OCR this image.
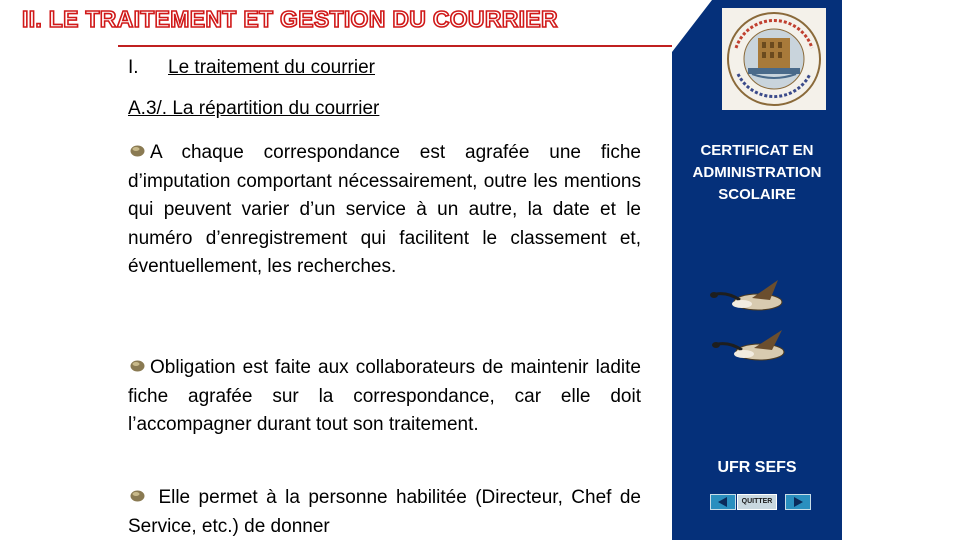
II. LE TRAITEMENT ET GESTION DU COURRIER
I. Le traitement du courrier
A.3/. La répartition du courrier

A chaque correspondance est agrafée une fiche d’imputation comportant nécessairement, outre les mentions qui peuvent varier d’un service à un autre, la date et le numéro d’enregistrement qui facilitent le classement et, éventuellement, les recherches.

Obligation est faite aux collaborateurs de maintenir ladite fiche agrafée sur la correspondance, car elle doit l’accompagner durant tout son traitement.

Elle permet à la personne habilitée (Directeur, Chef de Service, etc.) de donner

CERTIFICAT EN
ADMINISTRATION
SCOLAIRE
UFR SEFS
QUITTER
